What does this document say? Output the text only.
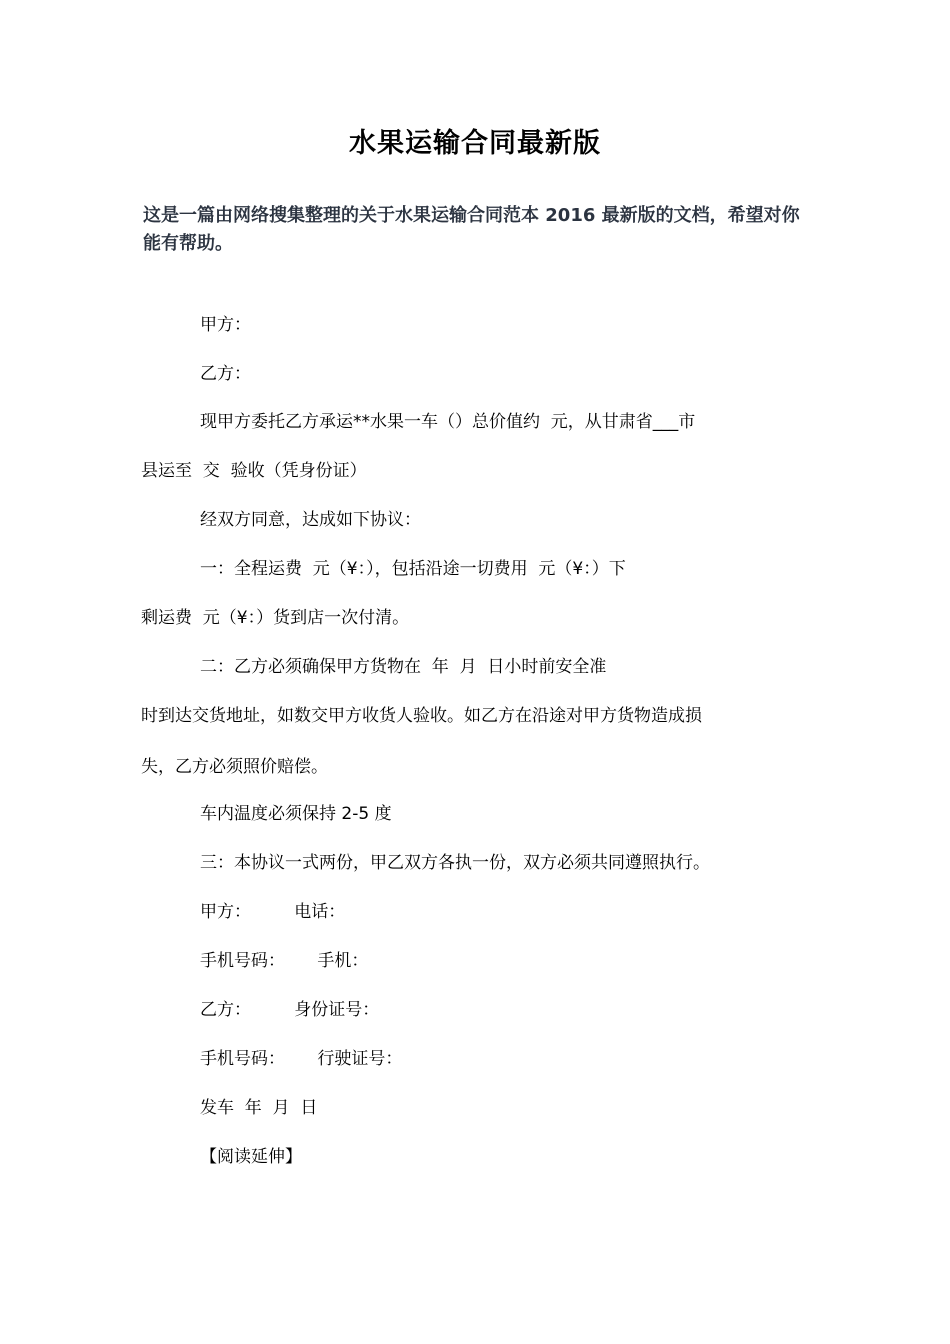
水果运输合同最新版
这是一篇由网络搜集整理的关于水果运输合同范本 2016 最新版的文档，希望对你能有帮助。
甲方：
乙方：
现甲方委托乙方承运**水果一车（）总价值约  元，从甘肃省___市
县运至  交  验收（凭身份证）
经双方同意，达成如下协议：
一：全程运费  元（¥：），包括沿途一切费用  元（¥：）下
剩运费  元（¥：）货到店一次付清。
二：乙方必须确保甲方货物在  年  月  日小时前安全准
时到达交货地址，如数交甲方收货人验收。如乙方在沿途对甲方货物造成损
失，乙方必须照价赔偿。
车内温度必须保持 2-5 度
三：本协议一式两份，甲乙双方各执一份，双方必须共同遵照执行。
甲方：        电话：
手机号码：      手机：
乙方：        身份证号：
手机号码：      行驶证号：
发车  年  月  日
【阅读延伸】
